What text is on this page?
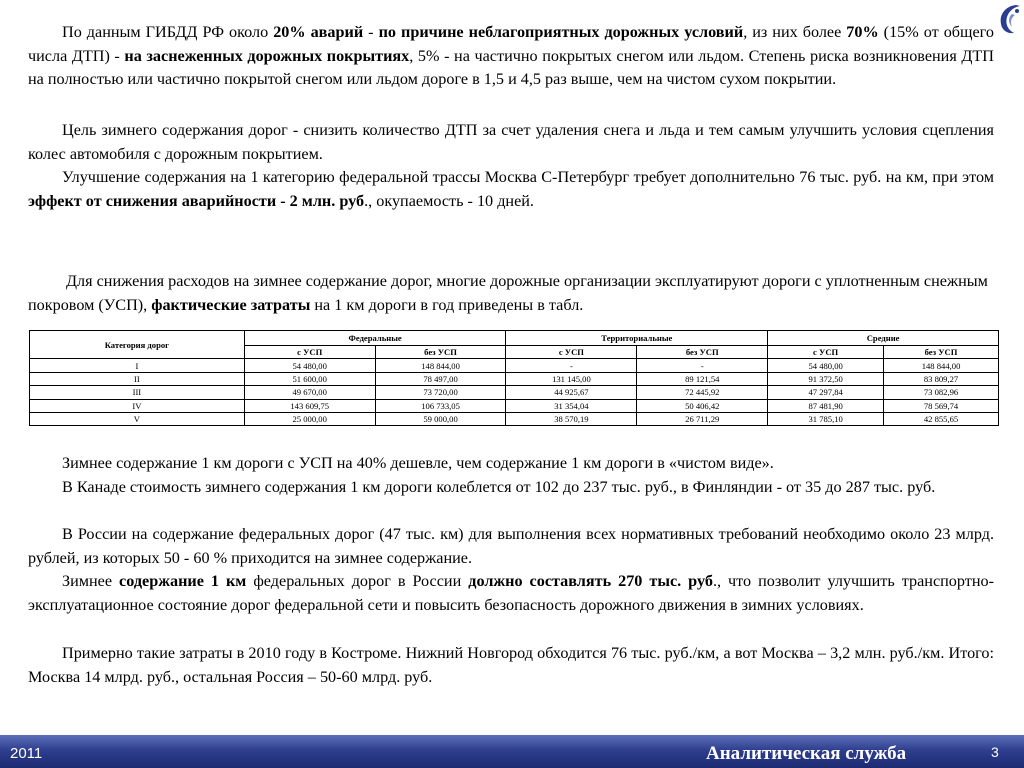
По данным ГИБДД РФ около 20% аварий - по причине неблагоприятных дорожных условий, из них более 70% (15% от общего числа ДТП) - на заснеженных дорожных покрытиях, 5% - на частично покрытых снегом или льдом. Степень риска возникновения ДТП на полностью или частично покрытой снегом или льдом дороге в 1,5 и 4,5 раз выше, чем на чистом сухом покрытии.
Цель зимнего содержания дорог - снизить количество ДТП за счет удаления снега и льда и тем самым улучшить условия сцепления колес автомобиля с дорожным покрытием.
Улучшение содержания на 1 категорию федеральной трассы Москва С-Петербург требует дополнительно 76 тыс. руб. на км, при этом эффект от снижения аварийности - 2 млн. руб., окупаемость - 10 дней.
Для снижения расходов на зимнее содержание дорог, многие дорожные организации эксплуатируют дороги с уплотненным снежным покровом (УСП), фактические затраты на 1 км дороги в год приведены в табл.
Категория дорог	Федеральные		Территориальные		Средние	
	с УСП	без УСП	с УСП	без УСП	с УСП	без УСП
I	54 480,00	148 844,00	-	-	54 480,00	148 844,00
II	51 600,00	78 497,00	131 145,00	89 121,54	91 372,50	83 809,27
III	49 670,00	73 720,00	44 925,67	72 445,92	47 297,84	73 082,96
IV	143 609,75	106 733,05	31 354,04	50 406,42	87 481,90	78 569,74
V	25 000,00	59 000,00	38 570,19	26 711,29	31 785,10	42 855,65
Зимнее содержание 1 км дороги с УСП на 40% дешевле, чем содержание 1 км дороги в «чистом виде».
В Канаде стоимость зимнего содержания 1 км дороги колеблется от 102 до 237 тыс. руб., в Финляндии - от 35 до 287 тыс. руб.
В России на содержание федеральных дорог (47 тыс. км) для выполнения всех нормативных требований необходимо около 23 млрд. рублей, из которых 50 - 60 % приходится на зимнее содержание.
Зимнее содержание 1 км федеральных дорог в России должно составлять 270 тыс. руб., что позволит улучшить транспортно-эксплуатационное состояние дорог федеральной сети и повысить безопасность дорожного движения в зимних условиях.
Примерно такие затраты в 2010 году в Костроме. Нижний Новгород обходится 76 тыс. руб./км, а вот Москва – 3,2 млн. руб./км. Итого: Москва 14 млрд. руб., остальная Россия – 50-60 млрд. руб.
2011	Аналитическая служба	3
